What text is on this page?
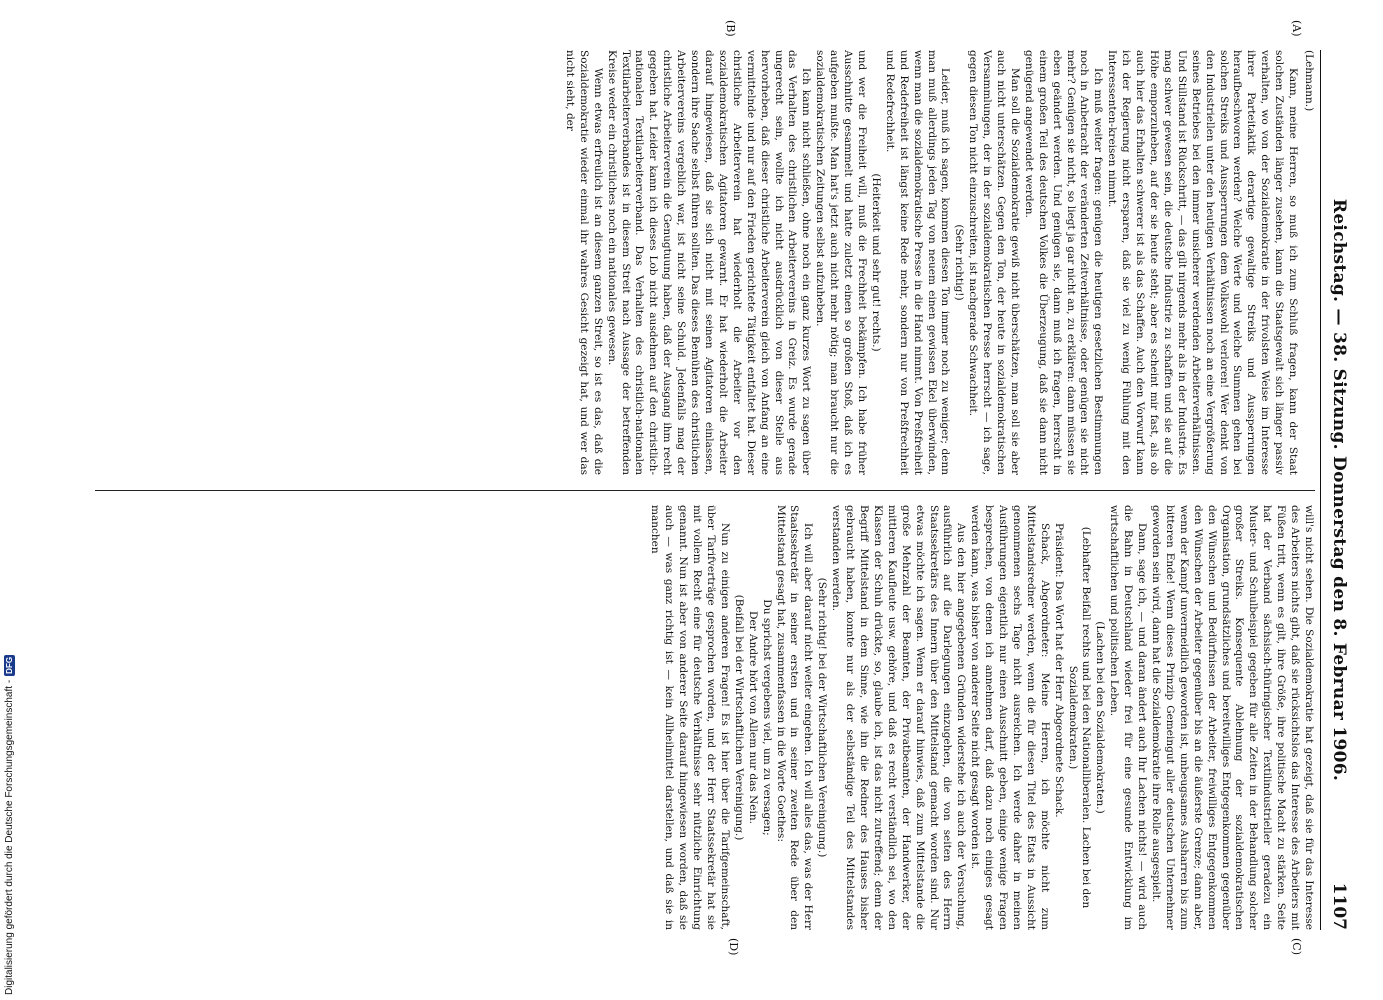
Reichstag. — 38. Sitzung. Donnerstag den 8. Februar 1906.
1107
(A)
(B)
(C)
(D)

(Lehmann.)

Kann, meine Herren, so muß ich zum Schluß fragen, kann der Staat solchen Zuständen länger zusehen, kann die Staatsgewalt sich länger passiv verhalten, wo von der Sozialdemokratie in der frivolsten Weise im Interesse ihrer Parteitaktik derartige gewaltige Streiks und Aussperrungen heraufbeschworen werden? Welche Werte und welche Summen gehen bei solchen Streiks und Aussperrungen dem Volkswohl verloren! Wer denkt von den Industriellen unter den heutigen Verhältnissen noch an eine Vergrößerung seines Betriebes bei den immer unsicherer werdenden Arbeiterverhältnissen. Und Stillstand ist Rückschritt, — das gilt nirgends mehr als in der Industrie. Es mag schwer gewesen sein, die deutsche Industrie zu schaffen und sie auf die Höhe emporzuheben, auf der sie heute steht; aber es scheint mir fast, als ob auch hier das Erhalten schwerer ist als das Schaffen. Auch den Vorwurf kann ich der Regierung nicht ersparen, daß sie viel zu wenig Fühlung mit den Interessenten-kreisen nimmt.

Ich muß weiter fragen: genügen die heutigen gesetzlichen Bestimmungen noch in Anbetracht der veränderten Zeitverhältnisse, oder genügen sie nicht mehr? Genügen sie nicht, so liegt ja gar nicht an, zu erklären: dann müssen sie eben geändert werden. Und genügen sie, dann muß ich fragen, herrscht in einem großen Teil des deutschen Volkes die Überzeugung, daß sie dann nicht genügend angewendet werden.

Man soll die Sozialdemokratie gewiß nicht überschätzen, man soll sie aber auch nicht unterschätzen. Gegen den Ton, der heute in sozialdemokratischen Versammlungen, der in der sozialdemokratischen Presse herrscht — ich sage, gegen diesen Ton nicht einzuschreiten, ist nachgerade Schwachheit.

(Sehr richtig!)

Leider, muß ich sagen, kommen diesen Ton immer noch zu weniger; denn man muß allerdings jeden Tag von neuem einen gewissen Ekel überwinden, wenn man die sozialdemokratische Presse in die Hand nimmt. Von Preßfreiheit und Redefreiheit ist längst keine Rede mehr, sondern nur von Preßfrechheit und Redefrechheit.

(Heiterkeit und sehr gut! rechts.)

und wer die Freiheit will, muß die Frechheit bekämpfen. Ich habe früher Ausschnitte gesammelt und hatte zuletzt einen so großen Stoß, daß ich es aufgeben mußte. Man hat's jetzt auch nicht mehr nötig; man braucht nur die sozialdemokratischen Zeitungen selbst aufzuheben.

Ich kann nicht schließen, ohne noch ein ganz kurzes Wort zu sagen über das Verhalten des christlichen Arbeitervereins in Greiz. Es wurde gerade ungerecht sein, wollte ich nicht ausdrücklich von dieser Stelle aus hervorheben, daß dieser christliche Arbeiterverein gleich von Anfang an eine vermittelnde und nur auf den Frieden gerichtete Tätigkeit entfaltet hat. Dieser christliche Arbeiterverein hat wiederholt die Arbeiter vor den sozialdemokratischen Agitatoren gewarnt. Er hat wiederholt die Arbeiter darauf hingewiesen, daß sie sich nicht mit seinen Agitatoren einlassen, sondern ihre Sache selbst führen sollten. Das dieses Bemühen des christlichen Arbeitervereins vergeblich war, ist nicht seine Schuld. Jedenfalls mag der christliche Arbeiterverein die Genugtuung haben, daß der Ausgang ihm recht gegeben hat. Leider kann ich dieses Lob nicht ausdehnen auf den christlich-nationalen Textilarbeiterverband. Das Verhalten des christlich-nationalen Textilarbeiterverbandes ist in diesem Streit nach Aussage der betreffenden Kreise weder ein christliches noch ein nationales gewesen.

Wenn etwas erfreulich ist an diesem ganzen Streit, so ist es das, daß die Sozialdemokratie wieder einmal ihr wahres Gesicht gezeigt hat, und wer das nicht sieht, der

will's nicht sehen. Die Sozialdemokratie hat gezeigt, daß sie für das Interesse des Arbeiters nichts gibt, daß sie rücksichtslos das Interesse des Arbeiters mit Füßen tritt, wenn es gilt, ihre Größe, ihre politische Macht zu stärken. Seite hat der Verband sächsisch-thüringischer Textilindustrieller geradezu ein Muster- und Schulbeispiel gegeben für alle Zeiten in der Behandlung solcher großer Streiks. Konsequente Ablehnung der sozialdemokratischen Organisation, grundsätzliches und bereitwilliges Entgegenkommen gegenüber den Wünschen und Bedürfnissen der Arbeiter, freiwilliges Entgegenkommen den Wünschen der Arbeiter gegenüber bis an die äußerste Grenze; dann aber, wenn der Kampf unvermeidlich geworden ist, unbeugsames Ausharren bis zum bitteren Ende! Wenn dieses Prinzip Gemeingut aller deutschen Unternehmer geworden sein wird, dann hat die Sozialdemokratie ihre Rolle ausgespielt.

Dann, sage ich, — und daran ändert auch Ihr Lachen nichts! — wird auch die Bahn in Deutschland wieder frei für eine gesunde Entwicklung im wirtschaftlichen und politischen Leben.

(Lachen bei den Sozialdemokraten.)

(Lebhafter Beifall rechts und bei den Nationalliberalen. Lachen bei den Sozialdemokraten.)

Präsident: Das Wort hat der Herr Abgeordnete Schack.

Schack, Abgeordneter: Meine Herren, ich möchte nicht zum Mittelstandsredner werden, wenn die für diesen Titel des Etats in Aussicht genommenen sechs Tage nicht ausreichen. Ich werde daher in meinen Ausführungen eigentlich nur einen Ausschnitt geben, einige wenige Fragen besprechen, von denen ich annehmen darf, daß dazu noch einiges gesagt werden kann, was bisher von anderer Seite nicht gesagt worden ist.

Aus den hier angegebenen Gründen widerstehe ich auch der Versuchung, ausführlich auf die Darlegungen einzugehen, die von seiten des Herrn Staatssekretärs des Innern über den Mittelstand gemacht worden sind. Nur etwas möchte ich sagen. Wenn er darauf hinwies, daß zum Mittelstande die große Mehrzahl der Beamten, der Privatbeamten, der Handwerker, der mittleren Kaufleute usw. gehöre, und daß es recht verständlich sei, wo den Klassen der Schuh drückte, so, glaube ich, ist das nicht zutreffend; denn der Begriff Mittelstand in dem Sinne, wie ihn die Redner des Hauses bisher gebraucht haben, konnte nur als der selbständige Teil des Mittelstandes verstanden werden.

(Sehr richtig! bei der Wirtschaftlichen Vereinigung.)

Ich will aber darauf nicht weiter eingehen. Ich will alles das, was der Herr Staatssekretär in seiner ersten und in seiner zweiten Rede über den Mittelstand gesagt hat, zusammenfassen in die Worte Goethes:

Du sprichst vergebens viel, um zu versagen;

Der Andre hört von Allem nur das Nein.

(Beifall bei der Wirtschaftlichen Vereinigung.)

Nun zu einigen anderen Fragen! Es ist hier über die Tarifgemeinschaft, über Tarifverträge gesprochen worden, und der Herr Staatssekretär hat sie mit vollem Recht eine für deutsche Verhältnisse sehr nützliche Einrichtung genannt. Nun ist aber von anderer Seite darauf hingewiesen worden, daß sie auch — was ganz richtig ist — kein Allheilmittel darstellen, und daß sie in manchen

Digitalisierung gefördert durch die Deutsche Forschungsgemeinschaft -
DFG
